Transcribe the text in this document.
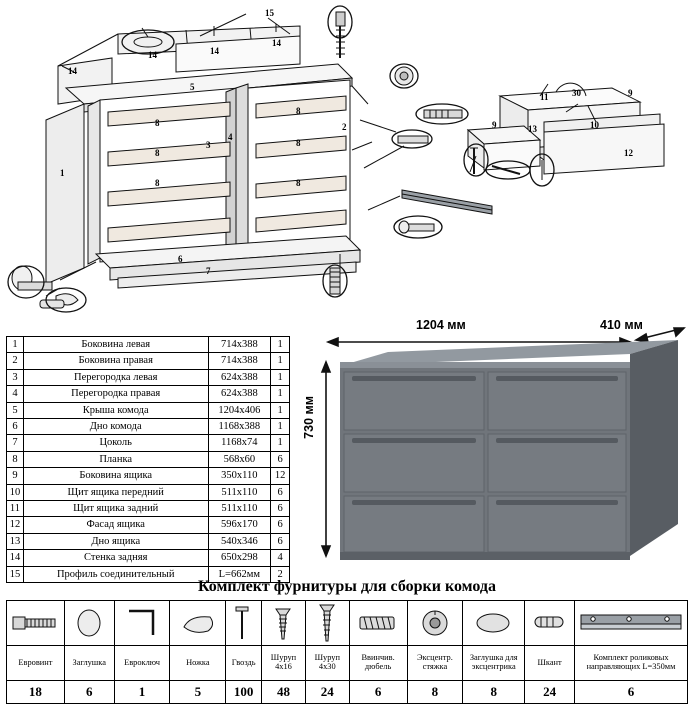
15
14	14
14
14
5
8
8
8
8
8
8
4
3
2
1
6
7
9
9
11	30
13	10
12
1	Боковина левая	714x388	1
2	Боковина правая	714x388	1
3	Перегородка левая	624x388	1
4	Перегородка правая	624x388	1
5	Крыша комода	1204x406	1
6	Дно комода	1168x388	1
7	Цоколь	1168x74	1
8	Планка	568x60	6
9	Боковина ящика	350x110	12
10	Щит ящика передний	511x110	6
11	Щит ящика задний	511x110	6
12	Фасад ящика	596x170	6
13	Дно ящика	540x346	6
14	Стенка задняя	650x298	4
15	Профиль соединительный	L=662мм	2
1204 мм	410 мм
730 мм
Комплект фурнитуры для сборки комода

Евровинт	Заглушка	Евроключ	Ножка	Гвоздь	Шуруп 4x16	Шуруп 4x30	Ввинчив. дюбель	Эксцентр. стяжка	Заглушка для эксцентрика	Шкант	Комплект роликовых направляющих L=350мм
18	6	1	5	100	48	24	6	8	8	24	6
